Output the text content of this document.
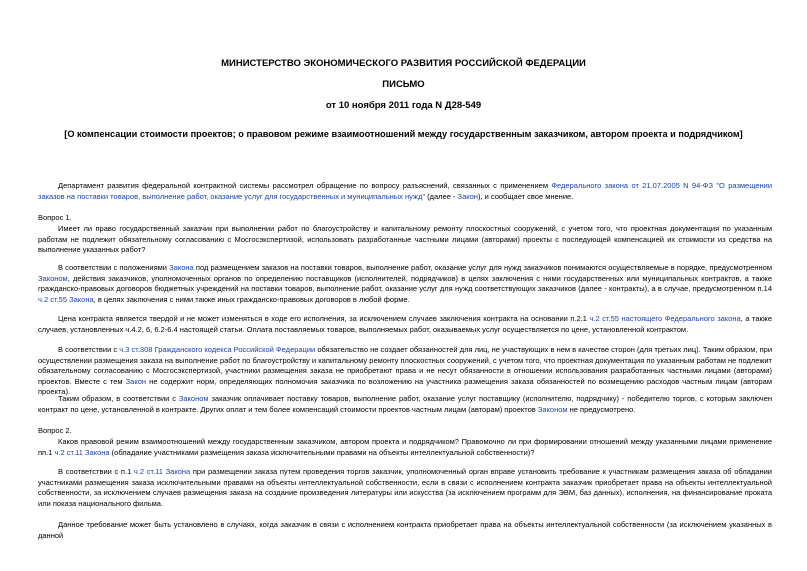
МИНИСТЕРСТВО ЭКОНОМИЧЕСКОГО РАЗВИТИЯ РОССИЙСКОЙ ФЕДЕРАЦИИ
ПИСЬМО
от 10 ноября 2011 года N Д28-549
[О компенсации стоимости проектов; о правовом режиме взаимоотношений между государственным заказчиком, автором проекта и подрядчиком]

Департамент развития федеральной контрактной системы рассмотрел обращение по вопросу разъяснений, связанных с применением Федерального закона от 21.07.2005 N 94-ФЗ "О размещении заказов на поставки товаров, выполнение работ, оказание услуг для государственных и муниципальных нужд" (далее - Закон), и сообщает свое мнение.

Вопрос 1.

Имеет ли право государственный заказчик при выполнении работ по благоустройству и капитальному ремонту плоскостных сооружений, с учетом того, что проектная документация по указанным работам не подлежит обязательному согласованию с Мосгосэкспертизой, использовать разработанные частными лицами (авторами) проекты с последующей компенсацией их стоимости из средства на выполнение указанных работ?

В соответствии с положениями Закона под размещением заказов на поставки товаров, выполнение работ, оказание услуг для нужд заказчиков понимаются осуществляемые в порядке, предусмотренном Законом, действия заказчиков, уполномоченных органов по определению поставщиков (исполнителей, подрядчиков) в целях заключения с ними государственных или муниципальных контрактов, а также гражданско-правовых договоров бюджетных учреждений на поставки товаров, выполнение работ, оказание услуг для нужд соответствующих заказчиков (далее - контракты), а в случае, предусмотренном п.14 ч.2 ст.55 Закона, в целях заключения с ними также иных гражданско-правовых договоров в любой форме.

Цена контракта является твердой и не может изменяться в ходе его исполнения, за исключением случаев заключения контракта на основании п.2.1 ч.2 ст.55 настоящего Федерального закона, а также случаев, установленных ч.4.2, 6, 6.2-6.4 настоящей статьи. Оплата поставляемых товаров, выполняемых работ, оказываемых услуг осуществляется по цене, установленной контрактом.

В соответствии с ч.3 ст.308 Гражданского кодекса Российской Федерации обязательство не создает обязанностей для лиц, не участвующих в нем в качестве сторон (для третьих лиц). Таким образом, при осуществлении размещения заказа на выполнение работ по благоустройству и капитальному ремонту плоскостных сооружений, с учетом того, что проектная документация по указанным работам не подлежит обязательному согласованию с Мосгосэкспертизой, участники размещения заказа не приобретают права и не несут обязанности в отношении использования разработанных частными лицами (авторами) проектов. Вместе с тем Закон не содержит норм, определяющих полномочия заказчика по возложению на участника размещения заказа обязанностей по возмещению расходов частным лицам (авторам проекта).

Таким образом, в соответствии с Законом заказчик оплачивает поставку товаров, выполнение работ, оказание услуг поставщику (исполнителю, подрядчику) - победителю торгов, с которым заключен контракт по цене, установленной в контракте. Других оплат и тем более компенсаций стоимости проектов частным лицам (авторам) проектов Законом не предусмотрено.

Вопрос 2.

Каков правовой режим взаимоотношений между государственным заказчиком, автором проекта и подрядчиком? Правомочно ли при формировании отношений между указанными лицами применение пп.1 ч.2 ст.11 Закона (обладание участниками размещения заказа исключительными правами на объекты интеллектуальной собственности)?

В соответствии с п.1 ч.2 ст.11 Закона при размещении заказа путем проведения торгов заказчик, уполномоченный орган вправе установить требование к участникам размещения заказа об обладании участниками размещения заказа исключительными правами на объекты интеллектуальной собственности, если в связи с исполнением контракта заказчик приобретает права на объекты интеллектуальной собственности, за исключением случаев размещения заказа на создание произведения литературы или искусства (за исключением программ для ЭВМ, баз данных), исполнения, на финансирование проката или показа национального фильма.

Данное требование может быть установлено в случаях, когда заказчик в связи с исполнением контракта приобретает права на объекты интеллектуальной собственности (за исключением указанных в данной
